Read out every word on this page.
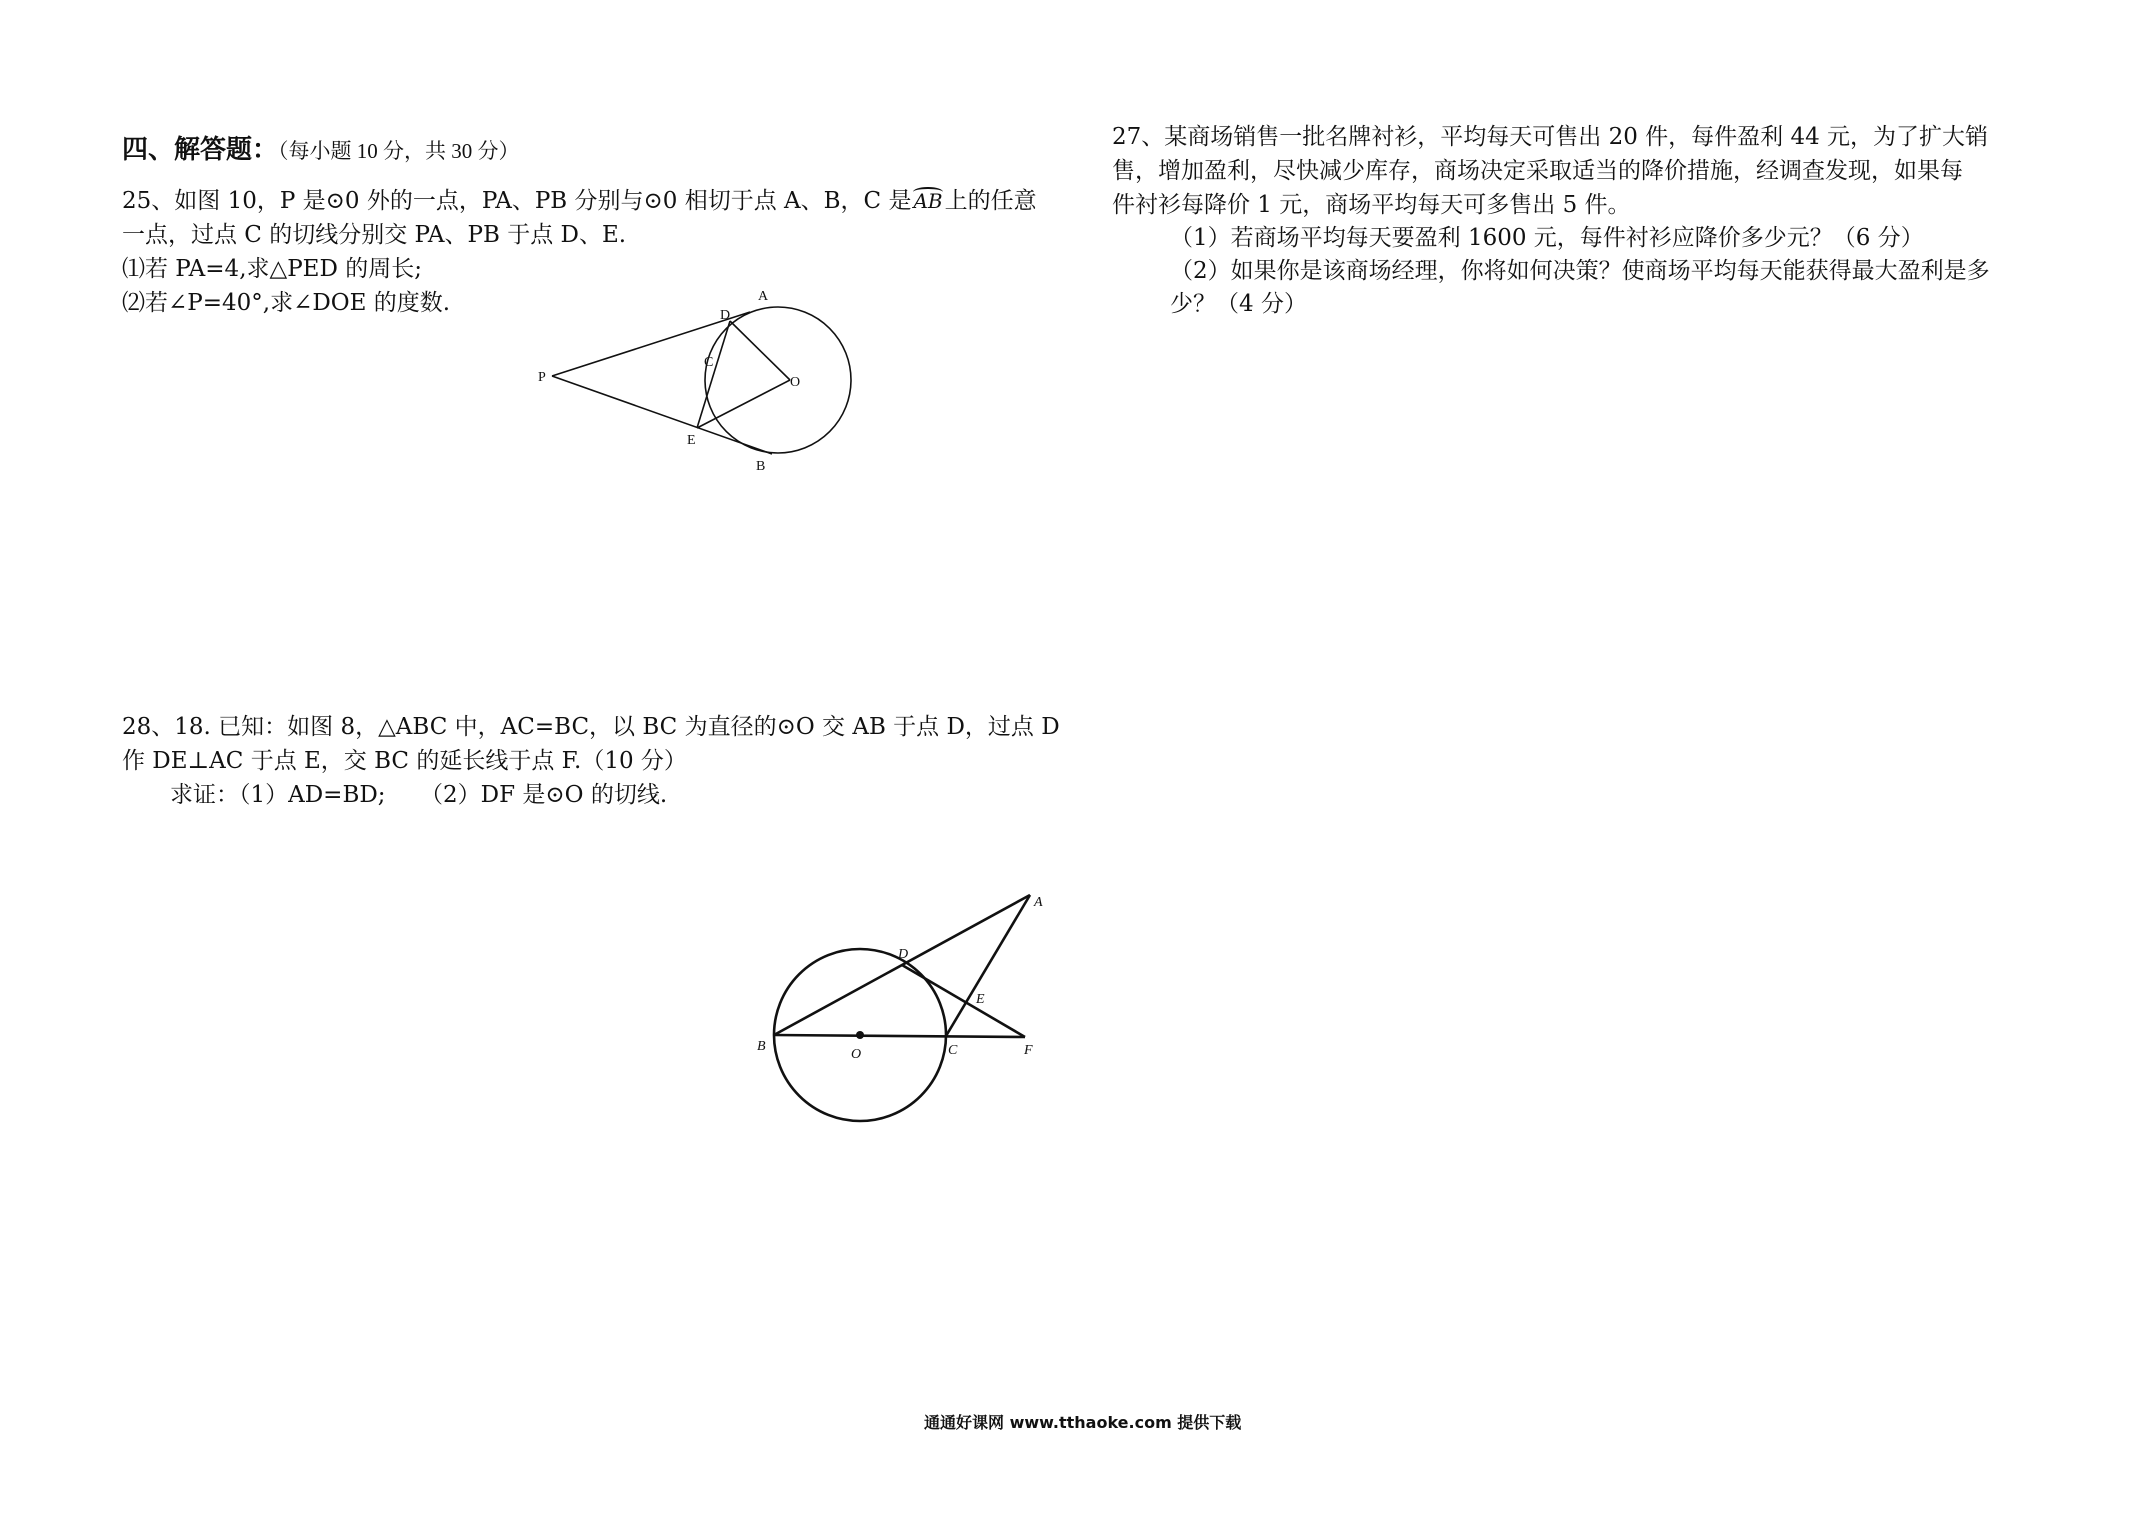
四、解答题：（每小题 10 分，共 30 分）
25、如图 10，P 是⊙0 外的一点，PA、PB 分别与⊙0 相切于点 A、B，C 是 AB上的任意
一点，过点 C 的切线分别交 PA、PB 于点 D、E.
⑴若 PA=4,求△PED 的周长;
⑵若∠P=40°,求∠DOE 的度数.
P
A
D
C
O
E
B
27、某商场销售一批名牌衬衫，平均每天可售出 20 件，每件盈利 44 元，为了扩大销
售，增加盈利，尽快减少库存，商场决定采取适当的降价措施，经调查发现，如果每
件衬衫每降价 1 元，商场平均每天可多售出 5 件。
（1）若商场平均每天要盈利 1600 元，每件衬衫应降价多少元？（6 分）
（2）如果你是该商场经理，你将如何决策？使商场平均每天能获得最大盈利是多
少？（4 分）
28、18. 已知：如图 8，△ABC 中，AC=BC，以 BC 为直径的⊙O 交 AB 于点 D，过点 D
作 DE⊥AC 于点 E，交 BC 的延长线于点 F.（10 分）
求证：（1）AD=BD;　　（2）DF 是⊙O 的切线.
A
D
E
B
O	C	F
通通好课网 www.tthaoke.com 提供下载
